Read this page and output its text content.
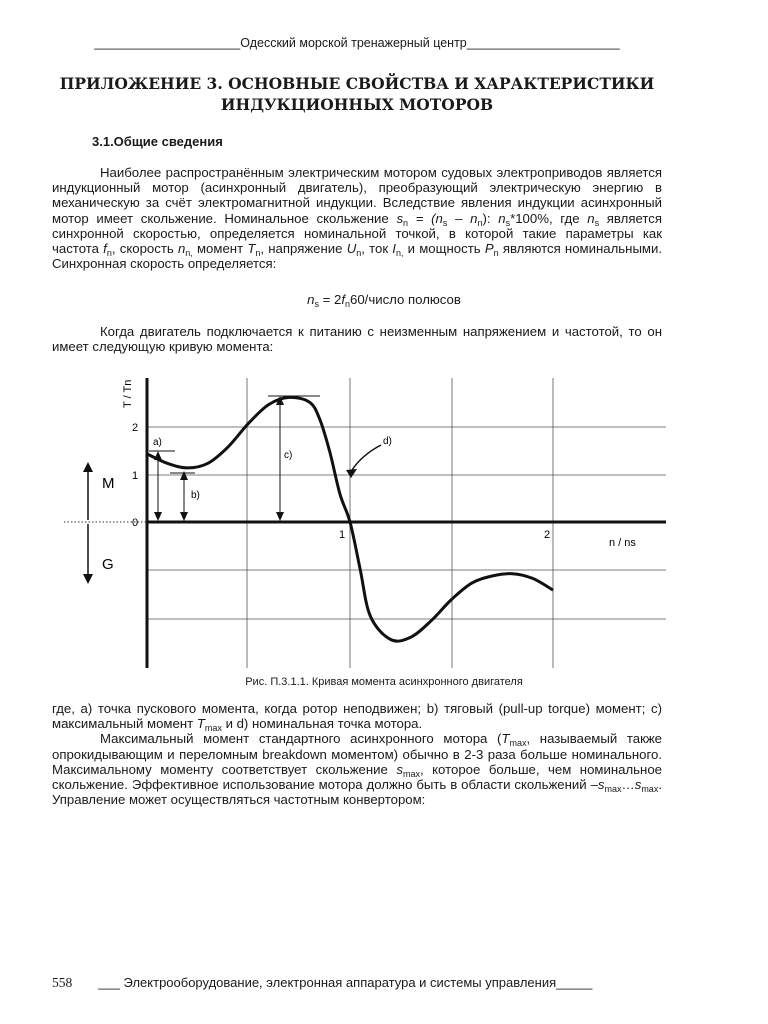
_____________________Одесский морской тренажерный центр______________________
ПРИЛОЖЕНИЕ 3. ОСНОВНЫЕ СВОЙСТВА И ХАРАКТЕРИСТИКИ
ИНДУКЦИОННЫХ МОТОРОВ
3.1.Общие сведения

Наиболее распространённым электрическим мотором судовых электроприводов является индукционный мотор (асинхронный двигатель), преобразующий электрическую энергию в механическую за счёт электромагнитной индукции. Вследствие явления индукции асинхронный мотор имеет скольжение. Номинальное скольжение $s_n = (n_s - n_n)$: $n_s*100\%$, где $n_s$ является синхронной скоростью, определяется номинальной точкой, в которой такие параметры как частота $f_n$, скорость $n_{n,}$ момент $T_n$, напряжение $U_n$, ток $I_{n,}$ и мощность $P_n$ являются номинальными. Синхронная скорость определяется:

$n_s$ = $2f_n60$/число полюсов

Когда двигатель подключается к питанию с неизменным напряжением и частотой, то он имеет следующую кривую момента:

T / Tn
n / ns
2
1
0
1	2
M
G
a)
b)
c)
d)
Рис. П.3.1.1. Кривая момента асинхронного двигателя

где, а) точка пускового момента, когда ротор неподвижен; b) тяговый (pull-up torque) момент; с) максимальный момент $T_{max}$ и d) номинальная точка мотора.

Максимальный момент стандартного асинхронного мотора ($T_{max}$, называемый также опрокидывающим и переломным breakdown моментом) обычно в 2-3 раза больше номинального. Максимальному моменту соответствует скольжение $s_{max}$, которое больше, чем номинальное скольжение. Эффективное использование мотора должно быть в области скольжений $-s_{max}\dots s_{max}$. Управление может осуществляться частотным конвертором:

558 ___ Электрооборудование, электронная аппаратура и системы управления_____
